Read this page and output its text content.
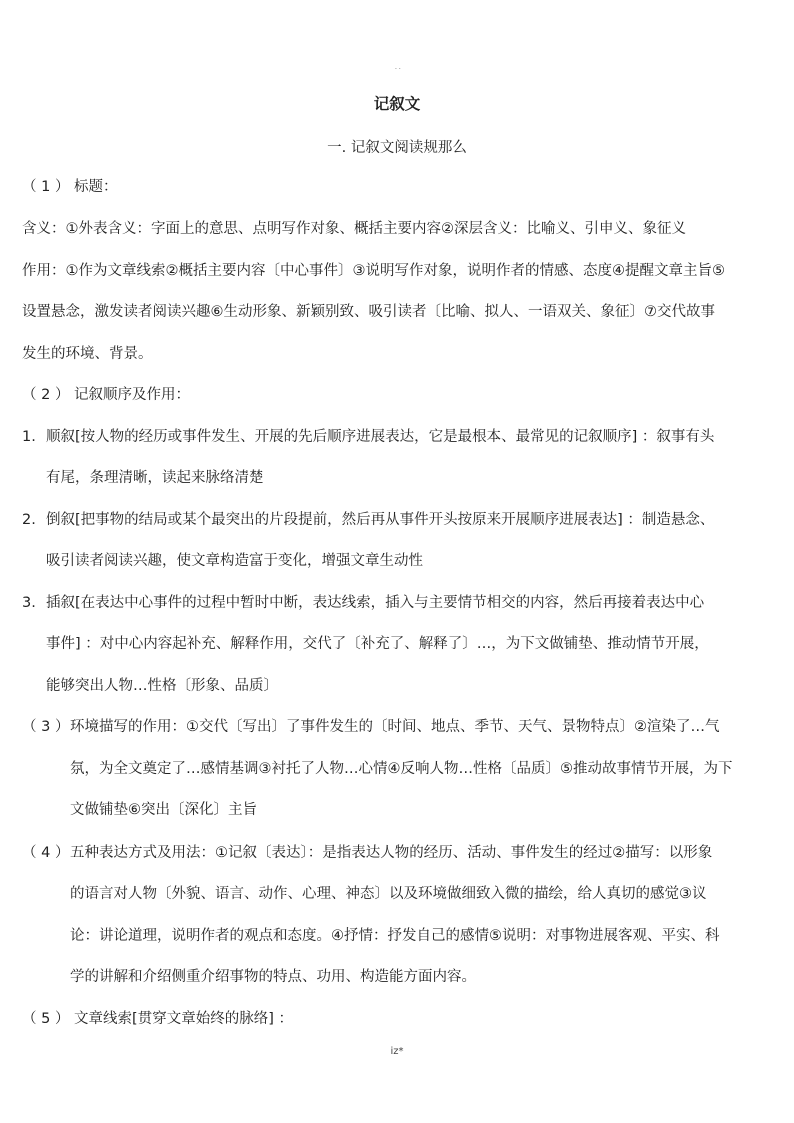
. .
记叙文
一. 记叙文阅读规那么
（ 1 ） 标题：
含义：①外表含义：字面上的意思、点明写作对象、概括主要内容②深层含义：比喻义、引申义、象征义
作用：①作为文章线索②概括主要内容〔中心事件〕③说明写作对象，说明作者的情感、态度④提醒文章主旨⑤
设置悬念，激发读者阅读兴趣⑥生动形象、新颖别致、吸引读者〔比喻、拟人、一语双关、象征〕⑦交代故事
发生的环境、背景。
（ 2 ） 记叙顺序及作用：
1. 顺叙[按人物的经历或事件发生、开展的先后顺序进展表达，它是最根本、最常见的记叙顺序] ：叙事有头
有尾，条理清晰，读起来脉络清楚
2. 倒叙[把事物的结局或某个最突出的片段提前，然后再从事件开头按原来开展顺序进展表达] ：制造悬念、
吸引读者阅读兴趣，使文章构造富于变化，增强文章生动性
3. 插叙[在表达中心事件的过程中暂时中断，表达线索，插入与主要情节相交的内容，然后再接着表达中心
事件] ：对中心内容起补充、解释作用，交代了〔补充了、解释了〕…，为下文做铺垫、推动情节开展，
能够突出人物…性格〔形象、品质〕
（ 3 ） 环境描写的作用：①交代〔写出〕了事件发生的〔时间、地点、季节、天气、景物特点〕②渲染了…气
氛，为全文奠定了…感情基调③衬托了人物…心情④反响人物…性格〔品质〕⑤推动故事情节开展，为下
文做铺垫⑥突出〔深化〕主旨
（ 4 ） 五种表达方式及用法：①记叙〔表达〕：是指表达人物的经历、活动、事件发生的经过②描写：以形象
的语言对人物〔外貌、语言、动作、心理、神态〕以及环境做细致入微的描绘，给人真切的感觉③议
论：讲论道理，说明作者的观点和态度。④抒情：抒发自己的感情⑤说明：对事物进展客观、平实、科
学的讲解和介绍侧重介绍事物的特点、功用、构造能方面内容。
（ 5 ） 文章线索[贯穿文章始终的脉络] ：
iz*
